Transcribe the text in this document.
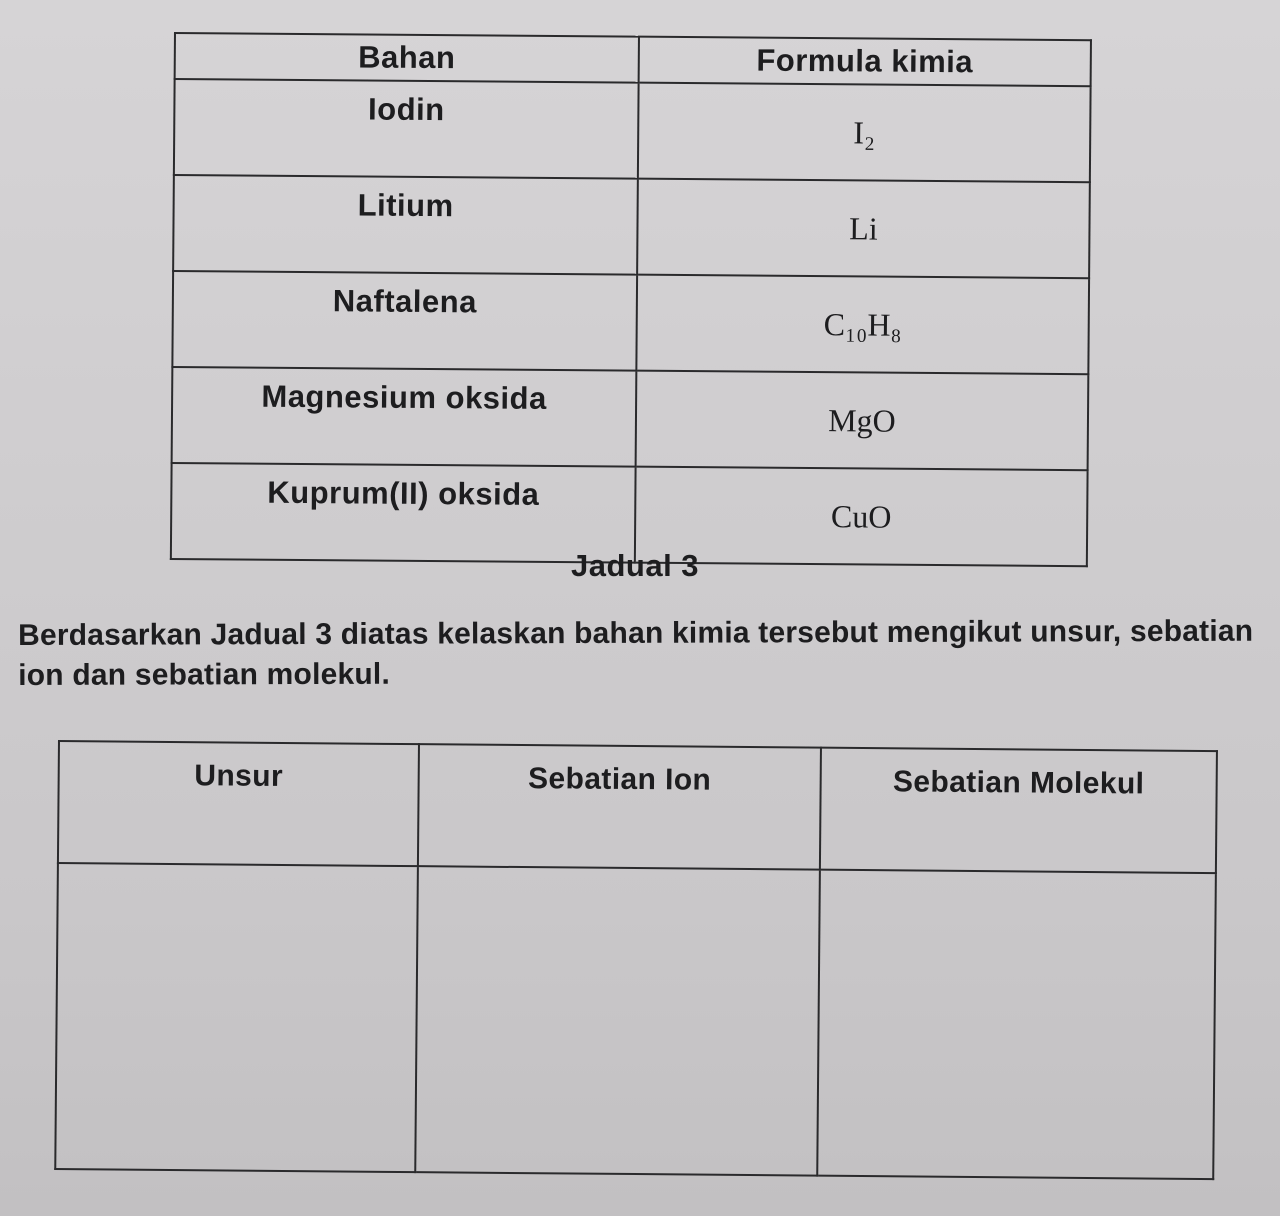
Bahan	Formula kimia
Iodin	I₂
Litium	Li
Naftalena	C₁₀H₈
Magnesium oksida	MgO
Kuprum(II) oksida	CuO
Jadual 3
Berdasarkan Jadual 3 diatas kelaskan bahan kimia tersebut mengikut unsur, sebatian ion dan sebatian molekul.
Unsur	Sebatian Ion	Sebatian Molekul
